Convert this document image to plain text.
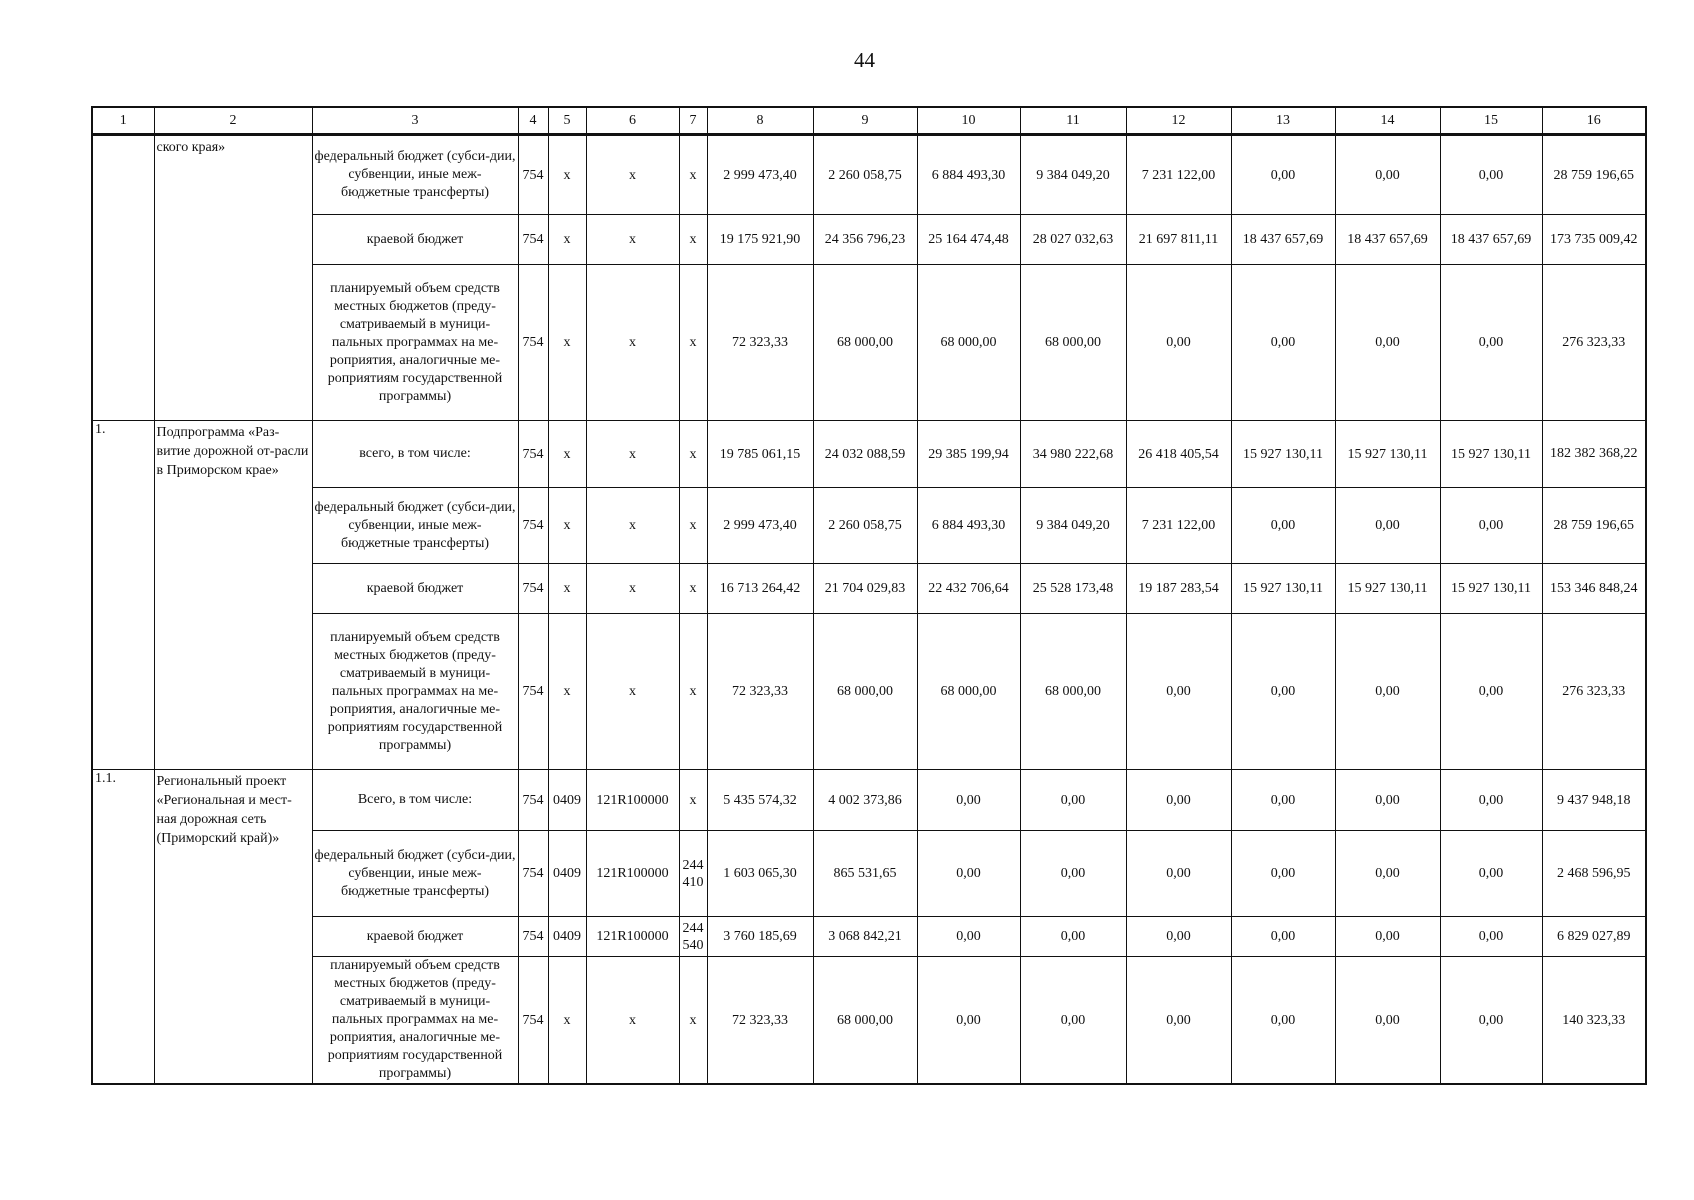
44
1	2	3	4	5	6	7	8	9	10	11	12	13	14	15	16
	ского края»	федеральный бюджет (субси-дии, субвенции, иные меж-бюджетные трансферты)	754	x	x	x	2 999 473,40	2 260 058,75	6 884 493,30	9 384 049,20	7 231 122,00	0,00	0,00	0,00	28 759 196,65
		краевой бюджет	754	x	x	x	19 175 921,90	24 356 796,23	25 164 474,48	28 027 032,63	21 697 811,11	18 437 657,69	18 437 657,69	18 437 657,69	173 735 009,42
		планируемый объем средств местных бюджетов (преду-сматриваемый в муници-пальных программах на ме-роприятия, аналогичные ме-роприятиям государственной программы)	754	x	x	x	72 323,33	68 000,00	68 000,00	68 000,00	0,00	0,00	0,00	0,00	276 323,33
1.	Подпрограмма «Раз-витие дорожной от-расли в Приморском крае»	всего, в том числе:	754	x	x	x	19 785 061,15	24 032 088,59	29 385 199,94	34 980 222,68	26 418 405,54	15 927 130,11	15 927 130,11	15 927 130,11	182 382 368,22
		федеральный бюджет (субси-дии, субвенции, иные меж-бюджетные трансферты)	754	x	x	x	2 999 473,40	2 260 058,75	6 884 493,30	9 384 049,20	7 231 122,00	0,00	0,00	0,00	28 759 196,65
		краевой бюджет	754	x	x	x	16 713 264,42	21 704 029,83	22 432 706,64	25 528 173,48	19 187 283,54	15 927 130,11	15 927 130,11	15 927 130,11	153 346 848,24
		планируемый объем средств местных бюджетов (преду-сматриваемый в муници-пальных программах на ме-роприятия, аналогичные ме-роприятиям государственной программы)	754	x	x	x	72 323,33	68 000,00	68 000,00	68 000,00	0,00	0,00	0,00	0,00	276 323,33
1.1.	Региональный проект «Региональная и мест-ная дорожная сеть (Приморский край)»	Всего, в том числе:	754	0409	121R100000	x	5 435 574,32	4 002 373,86	0,00	0,00	0,00	0,00	0,00	0,00	9 437 948,18
		федеральный бюджет (субси-дии, субвенции, иные меж-бюджетные трансферты)	754	0409	121R100000	244 410	1 603 065,30	865 531,65	0,00	0,00	0,00	0,00	0,00	0,00	2 468 596,95
		краевой бюджет	754	0409	121R100000	244 540	3 760 185,69	3 068 842,21	0,00	0,00	0,00	0,00	0,00	0,00	6 829 027,89
		планируемый объем средств местных бюджетов (преду-сматриваемый в муници-пальных программах на ме-роприятия, аналогичные ме-роприятиям государственной программы)	754	x	x	x	72 323,33	68 000,00	0,00	0,00	0,00	0,00	0,00	0,00	140 323,33
